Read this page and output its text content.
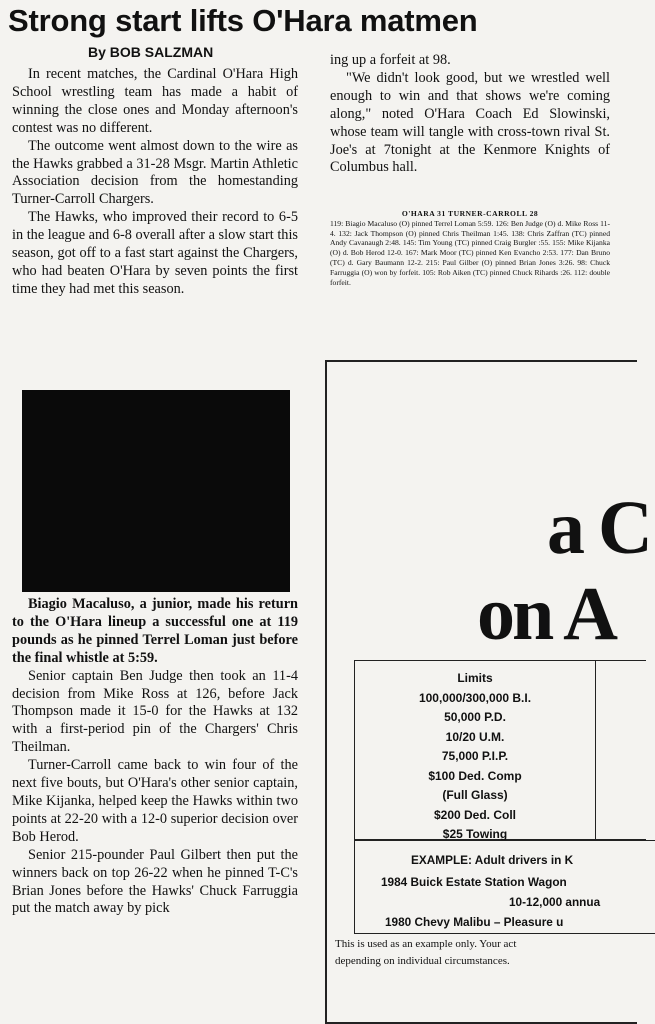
Strong start lifts O'Hara matmen
By BOB SALZMAN

In recent matches, the Cardinal O'Hara High School wrestling team has made a habit of winning the close ones and Monday afternoon's contest was no different.

The outcome went almost down to the wire as the Hawks grabbed a 31-28 Msgr. Martin Athletic Association decision from the homestanding Turner-Carroll Chargers.

The Hawks, who improved their record to 6-5 in the league and 6-8 overall after a slow start this season, got off to a fast start against the Chargers, who had beaten O'Hara by seven points the first time they had met this season.

Biagio Macaluso, a junior, made his return to the O'Hara lineup a successful one at 119 pounds as he pinned Terrel Loman just before the final whistle at 5:59.

Senior captain Ben Judge then took an 11-4 decision from Mike Ross at 126, before Jack Thompson made it 15-0 for the Hawks at 132 with a first-period pin of the Chargers' Chris Theilman.

Turner-Carroll came back to win four of the next five bouts, but O'Hara's other senior captain, Mike Kijanka, helped keep the Hawks within two points at 22-20 with a 12-0 superior decision over Bob Herod.

Senior 215-pounder Paul Gilbert then put the winners back on top 26-22 when he pinned T-C's Brian Jones before the Hawks' Chuck Farruggia put the match away by pick

ing up a forfeit at 98.

"We didn't look good, but we wrestled well enough to win and that shows we're coming along," noted O'Hara Coach Ed Slowinski, whose team will tangle with cross-town rival St. Joe's at 7tonight at the Kenmore Knights of Columbus hall.

O'HARA 31 TURNER-CARROLL 28
119: Biagio Macaluso (O) pinned Terrel Loman 5:59. 126: Ben Judge (O) d. Mike Ross 11-4. 132: Jack Thompson (O) pinned Chris Theilman 1:45. 138: Chris Zaffran (TC) pinned Andy Cavanaugh 2:48. 145: Tim Young (TC) pinned Craig Burgler :55. 155: Mike Kijanka (O) d. Bob Herod 12-0. 167: Mark Moor (TC) pinned Ken Evancho 2:53. 177: Dan Bruno (TC) d. Gary Baumann 12-2. 215: Paul Gilber (O) pinned Brian Jones 3:26. 98: Chuck Farruggia (O) won by forfeit. 105: Rob Aiken (TC) pinned Chuck Rihards :26. 112: double forfeit.
a C
on A
Limits
100,000/300,000 B.I.
50,000 P.D.
10/20 U.M.
75,000 P.I.P.
$100 Ded. Comp
(Full Glass)
$200 Ded. Coll
$25 Towing
EXAMPLE: Adult drivers in K
1984 Buick Estate Station Wagon
10-12,000 annua
1980 Chevy Malibu – Pleasure u
This is used as an example only. Your act
depending on individual circumstances.
